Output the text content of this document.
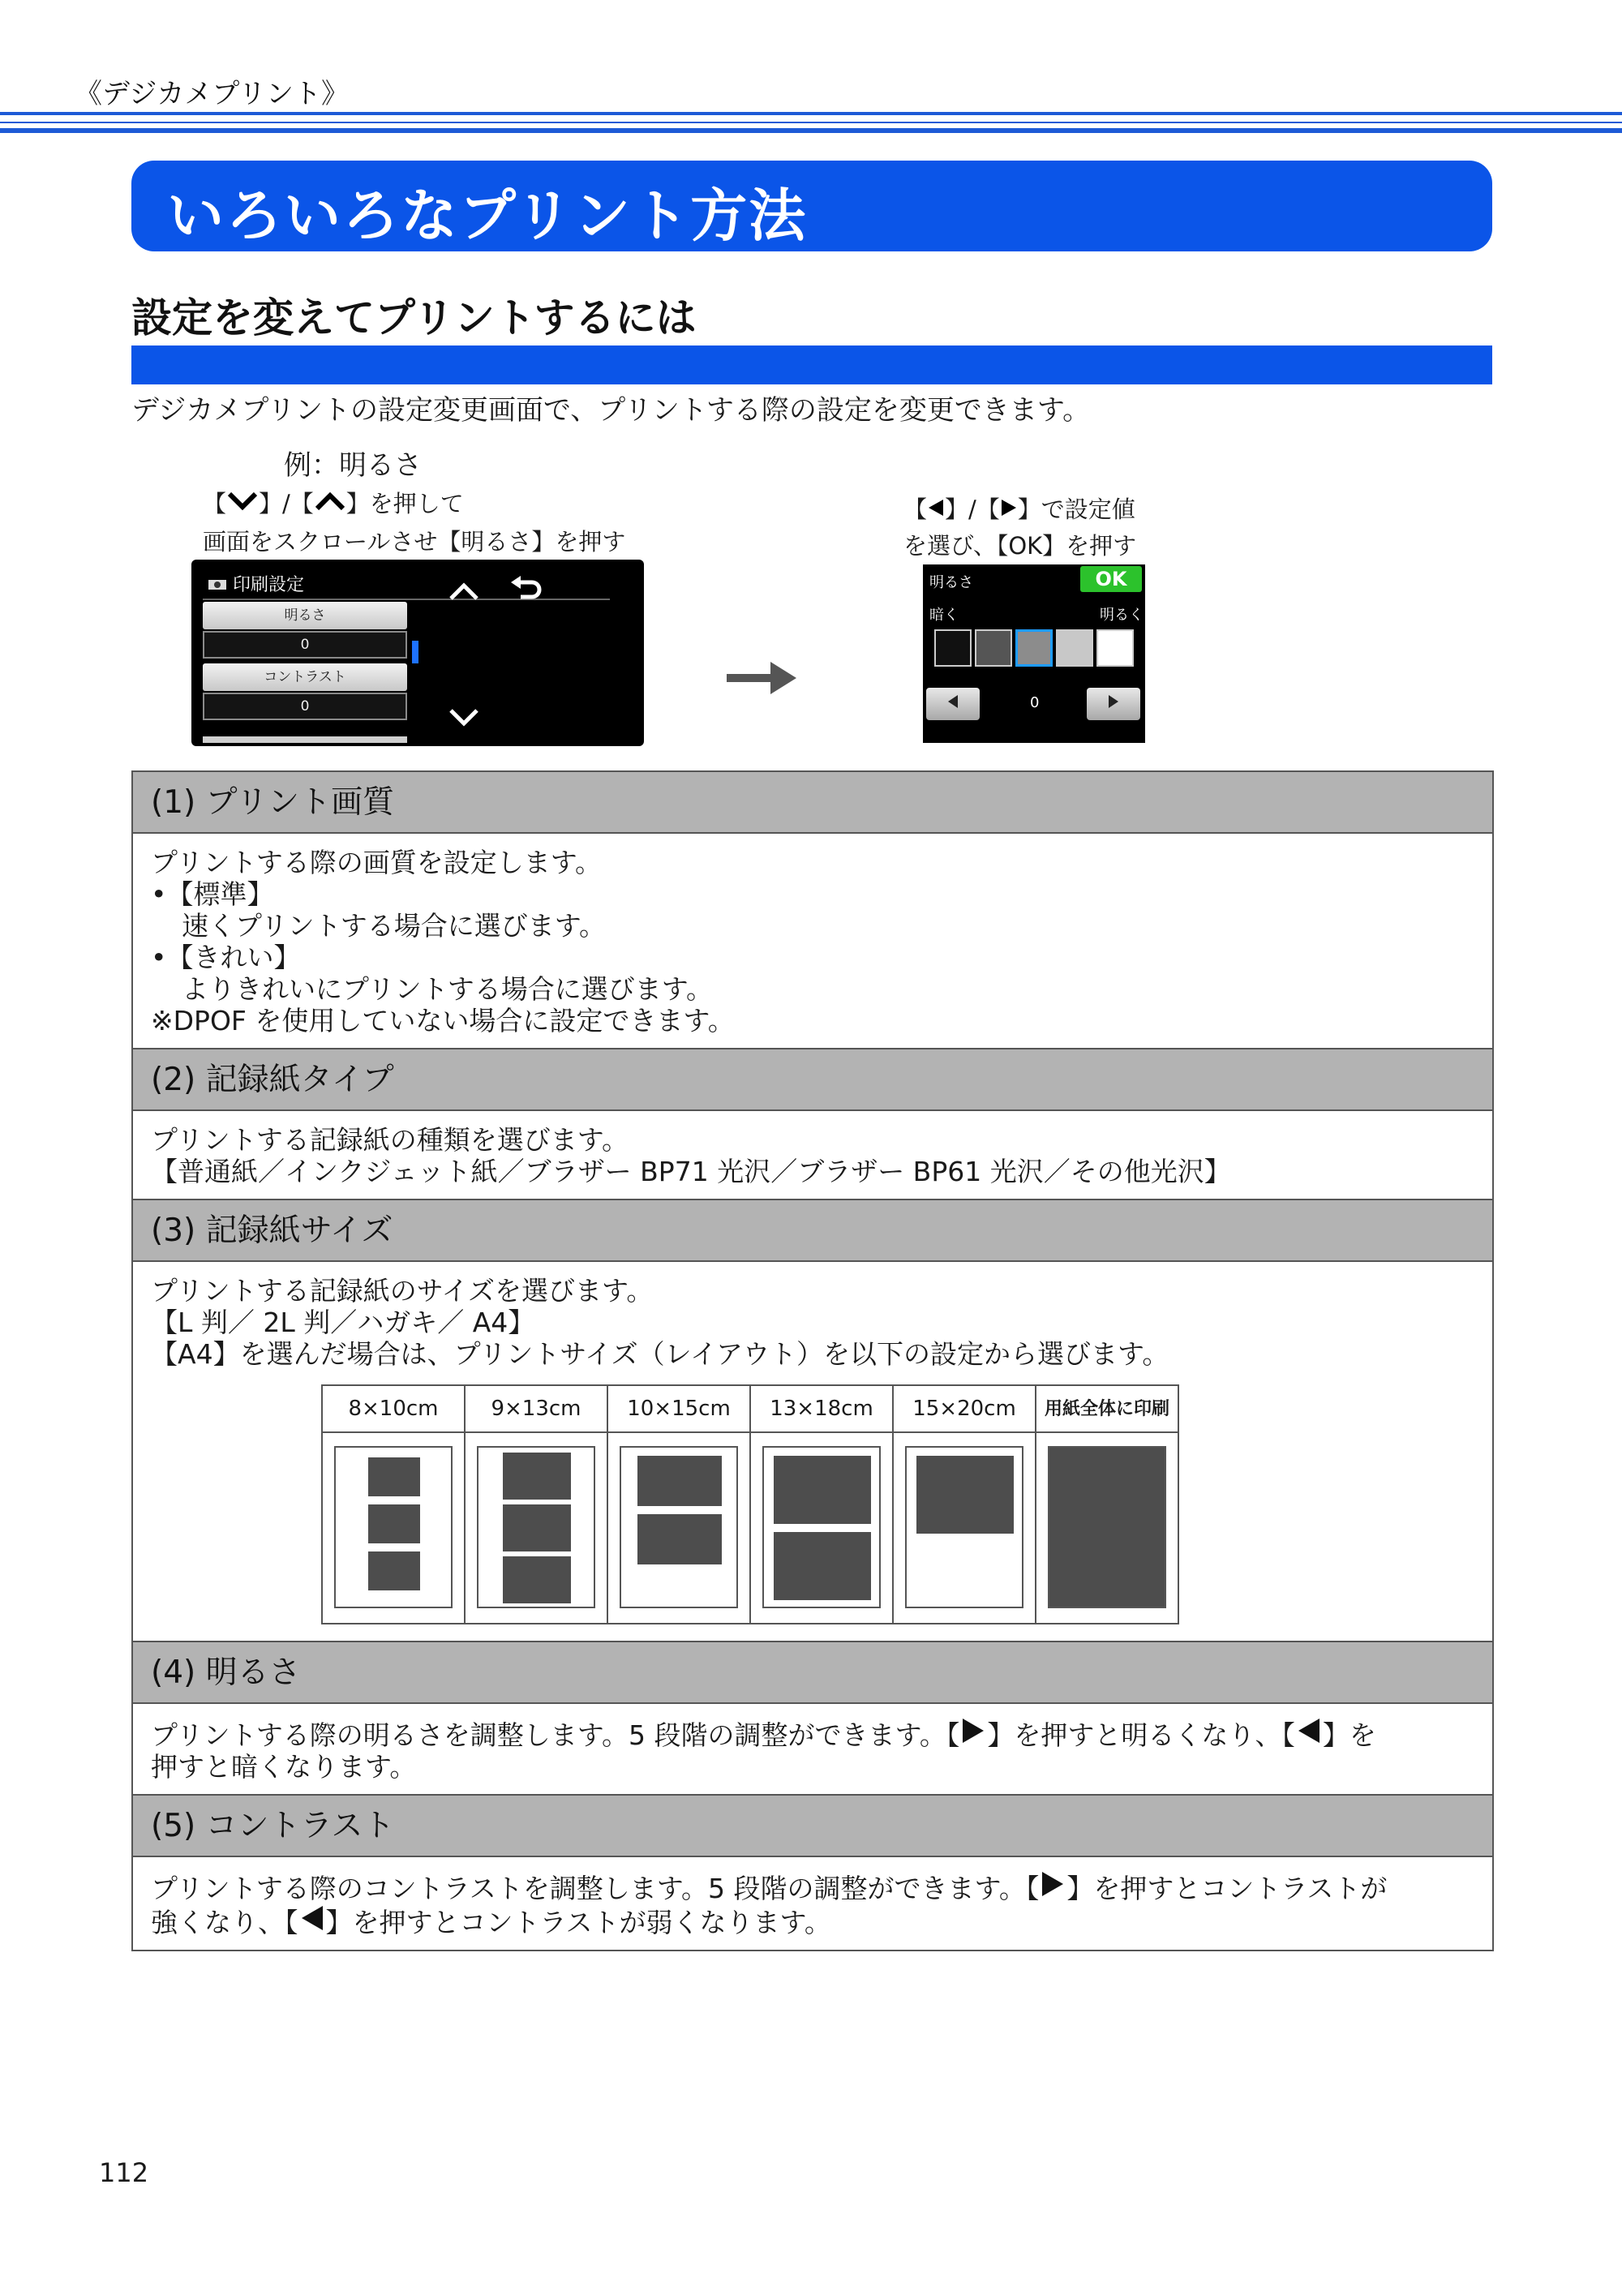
《デジカメプリント》
いろいろなプリント方法
設定を変えてプリントするには
デジカメプリントの設定変更画面で、プリントする際の設定を変更できます。
例：明るさ
【 】/【 】を押して
画面をスクロールさせ【明るさ】を押す
【 】/【 】で設定値
を選び、【OK】を押す
印刷設定
明るさ
0
コントラスト
0
明るさ	OK
暗く	明るく
0
(1) プリント画質
プリントする際の画質を設定します。
•【標準】
速くプリントする場合に選びます。
•【きれい】
よりきれいにプリントする場合に選びます。
※DPOF を使用していない場合に設定できます。
(2) 記録紙タイプ
プリントする記録紙の種類を選びます。
【普通紙／インクジェット紙／ブラザー BP71 光沢／ブラザー BP61 光沢／その他光沢】
(3) 記録紙サイズ
プリントする記録紙のサイズを選びます。
【L 判／ 2L 判／ハガキ／ A4】
【A4】を選んだ場合は、プリントサイズ（レイアウト）を以下の設定から選びます。
8×10cm	9×13cm	10×15cm	13×18cm	15×20cm	用紙全体に印刷

(4) 明るさ
プリントする際の明るさを調整します。5 段階の調整ができます。【 】を押すと明るくなり、【 】を
押すと暗くなります。
(5) コントラスト
プリントする際のコントラストを調整します。5 段階の調整ができます。【 】を押すとコントラストが
強くなり、【 】を押すとコントラストが弱くなります。
112
